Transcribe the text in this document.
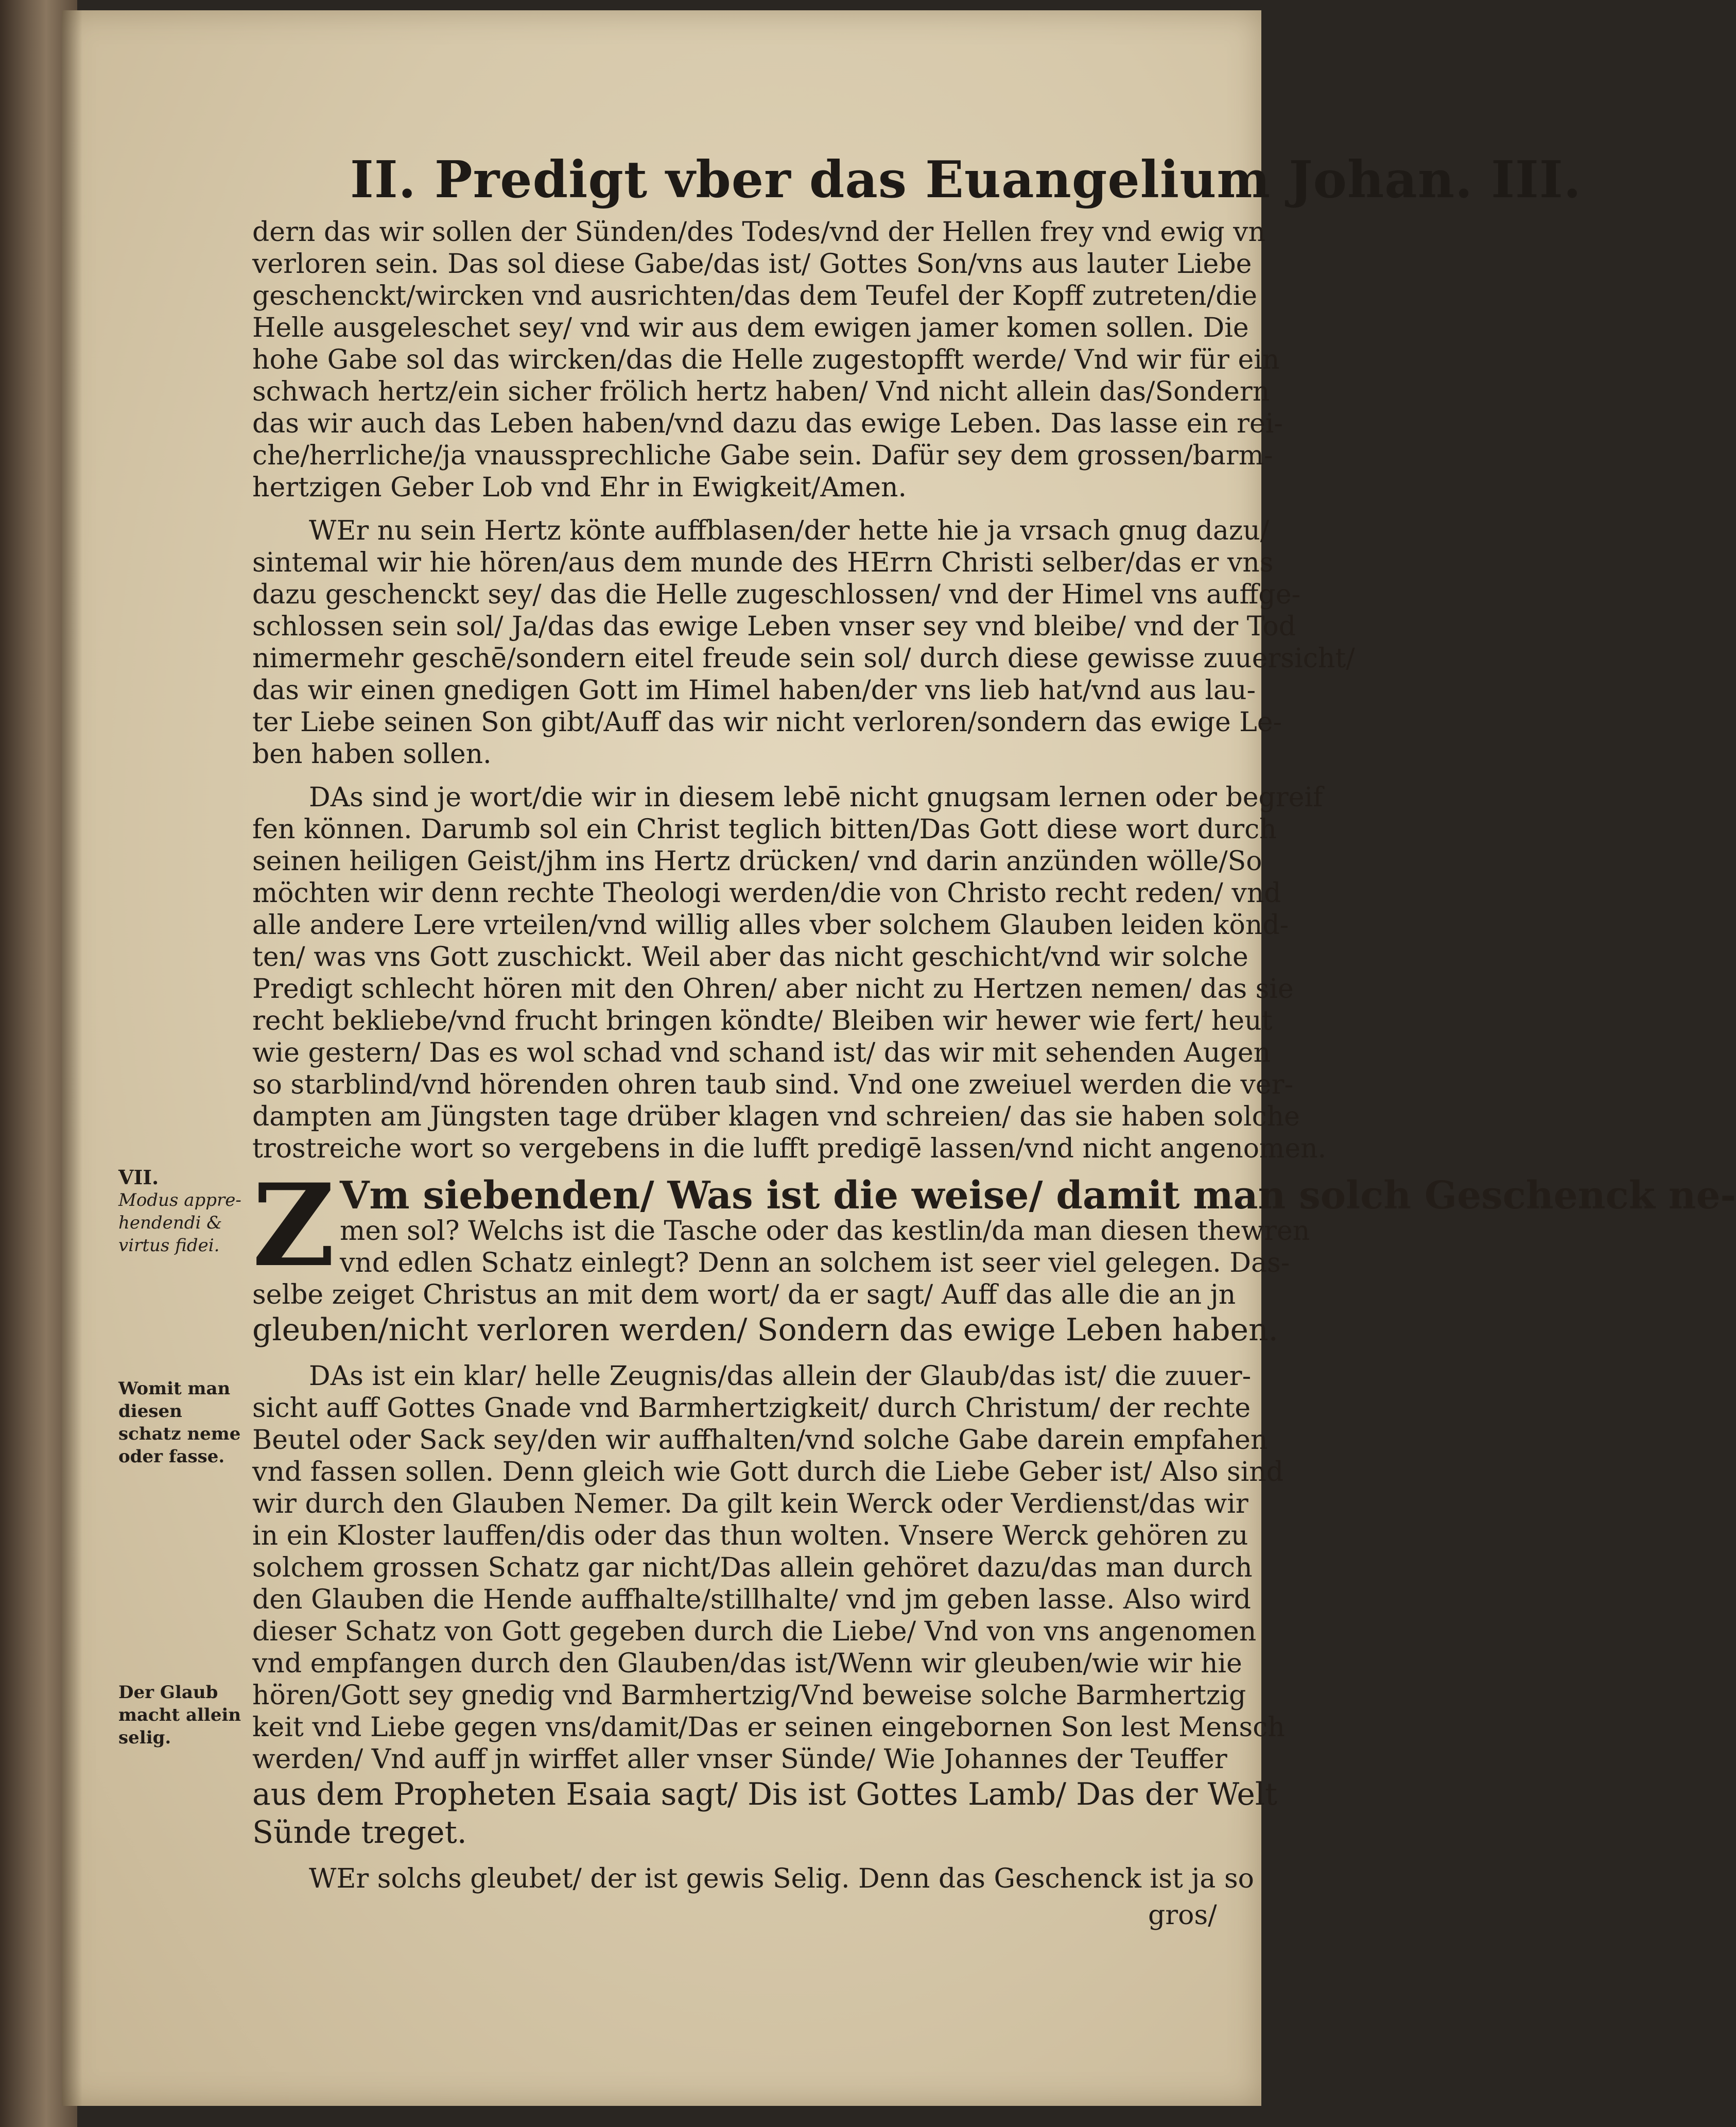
II. Predigt vber das Euangelium Johan. III.
dern das wir sollen der Sünden/des Todes/vnd der Hellen frey vnd ewig vn
verloren sein. Das sol diese Gabe/das ist/ Gottes Son/vns aus lauter Liebe
geschenckt/wircken vnd ausrichten/das dem Teufel der Kopff zutreten/die
Helle ausgeleschet sey/ vnd wir aus dem ewigen jamer komen sollen. Die
hohe Gabe sol das wircken/das die Helle zugestopfft werde/ Vnd wir für ein
schwach hertz/ein sicher frölich hertz haben/ Vnd nicht allein das/Sondern
das wir auch das Leben haben/vnd dazu das ewige Leben. Das lasse ein rei-
che/herrliche/ja vnaussprechliche Gabe sein. Dafür sey dem grossen/barm-
hertzigen Geber Lob vnd Ehr in Ewigkeit/Amen.
WEr nu sein Hertz könte auffblasen/der hette hie ja vrsach gnug dazu/
sintemal wir hie hören/aus dem munde des HErrn Christi selber/das er vns
dazu geschenckt sey/ das die Helle zugeschlossen/ vnd der Himel vns auffge-
schlossen sein sol/ Ja/das das ewige Leben vnser sey vnd bleibe/ vnd der Tod
nimermehr geschē/sondern eitel freude sein sol/ durch diese gewisse zuuersicht/
das wir einen gnedigen Gott im Himel haben/der vns lieb hat/vnd aus lau-
ter Liebe seinen Son gibt/Auff das wir nicht verloren/sondern das ewige Le-
ben haben sollen.
DAs sind je wort/die wir in diesem lebē nicht gnugsam lernen oder begreif
fen können. Darumb sol ein Christ teglich bitten/Das Gott diese wort durch
seinen heiligen Geist/jhm ins Hertz drücken/ vnd darin anzünden wölle/So
möchten wir denn rechte Theologi werden/die von Christo recht reden/ vnd
alle andere Lere vrteilen/vnd willig alles vber solchem Glauben leiden könd-
ten/ was vns Gott zuschickt. Weil aber das nicht geschicht/vnd wir solche
Predigt schlecht hören mit den Ohren/ aber nicht zu Hertzen nemen/ das sie
recht bekliebe/vnd frucht bringen köndte/ Bleiben wir hewer wie fert/ heut
wie gestern/ Das es wol schad vnd schand ist/ das wir mit sehenden Augen
so starblind/vnd hörenden ohren taub sind. Vnd one zweiuel werden die ver-
dampten am Jüngsten tage drüber klagen vnd schreien/ das sie haben solche
trostreiche wort so vergebens in die lufft predigē lassen/vnd nicht angenomen.
Vm siebenden/ Was ist die weise/ damit man solch Geschenck ne-
men sol? Welchs ist die Tasche oder das kestlin/da man diesen thewren
vnd edlen Schatz einlegt? Denn an solchem ist seer viel gelegen. Das-
selbe zeiget Christus an mit dem wort/ da er sagt/ Auff das alle die an jn
gleuben/nicht verloren werden/ Sondern das ewige Leben haben.
DAs ist ein klar/ helle Zeugnis/das allein der Glaub/das ist/ die zuuer-
sicht auff Gottes Gnade vnd Barmhertzigkeit/ durch Christum/ der rechte
Beutel oder Sack sey/den wir auffhalten/vnd solche Gabe darein empfahen
vnd fassen sollen. Denn gleich wie Gott durch die Liebe Geber ist/ Also sind
wir durch den Glauben Nemer. Da gilt kein Werck oder Verdienst/das wir
in ein Kloster lauffen/dis oder das thun wolten. Vnsere Werck gehören zu
solchem grossen Schatz gar nicht/Das allein gehöret dazu/das man durch
den Glauben die Hende auffhalte/stillhalte/ vnd jm geben lasse. Also wird
dieser Schatz von Gott gegeben durch die Liebe/ Vnd von vns angenomen
vnd empfangen durch den Glauben/das ist/Wenn wir gleuben/wie wir hie
hören/Gott sey gnedig vnd Barmhertzig/Vnd beweise solche Barmhertzig
keit vnd Liebe gegen vns/damit/Das er seinen eingebornen Son lest Mensch
werden/ Vnd auff jn wirffet aller vnser Sünde/ Wie Johannes der Teuffer
aus dem Propheten Esaia sagt/ Dis ist Gottes Lamb/ Das der Welt
Sünde treget.
WEr solchs gleubet/ der ist gewis Selig. Denn das Geschenck ist ja so
gros/
Z
VII.
Modus appre- hendendi & virtus fidei.
Womit man diesen schatz neme oder fasse.
Der Glaub macht allein selig.
